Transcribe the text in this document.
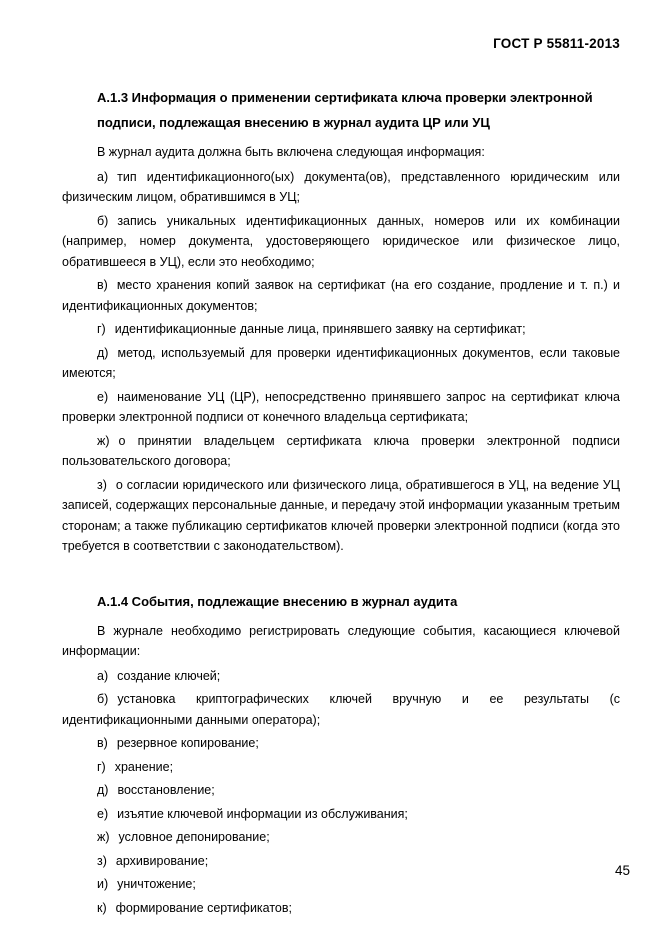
ГОСТ Р 55811-2013
А.1.3 Информация о применении сертификата ключа проверки электронной подписи, подлежащая внесению в журнал аудита ЦР или УЦ

В журнал аудита должна быть включена следующая информация:

а) тип идентификационного(ых) документа(ов), представленного юридическим или физическим лицом, обратившимся в УЦ;

б) запись уникальных идентификационных данных, номеров или их комбинации (например, номер документа, удостоверяющего юридическое или физическое лицо, обратившееся в УЦ), если это необходимо;

в) место хранения копий заявок на сертификат (на его создание, продление и т. п.) и идентификационных документов;

г) идентификационные данные лица, принявшего заявку на сертификат;

д) метод, используемый для проверки идентификационных документов, если таковые имеются;

е) наименование УЦ (ЦР), непосредственно принявшего запрос на сертификат ключа проверки электронной подписи от конечного владельца сертификата;

ж) о принятии владельцем сертификата ключа проверки электронной подписи пользовательского договора;

з) о согласии юридического или физического лица, обратившегося в УЦ, на ведение УЦ записей, содержащих персональные данные, и передачу этой информации указанным третьим сторонам; а также публикацию сертификатов ключей проверки электронной подписи (когда это требуется в соответствии с законодательством).

А.1.4 События, подлежащие внесению в журнал аудита

В журнале необходимо регистрировать следующие события, касающиеся ключевой информации:

а) создание ключей;

б) установка криптографических ключей вручную и ее результаты (с идентификационными данными оператора);

в) резервное копирование;

г) хранение;

д) восстановление;

е) изъятие ключевой информации из обслуживания;

ж) условное депонирование;

з) архивирование;

и) уничтожение;

к) формирование сертификатов;

45
